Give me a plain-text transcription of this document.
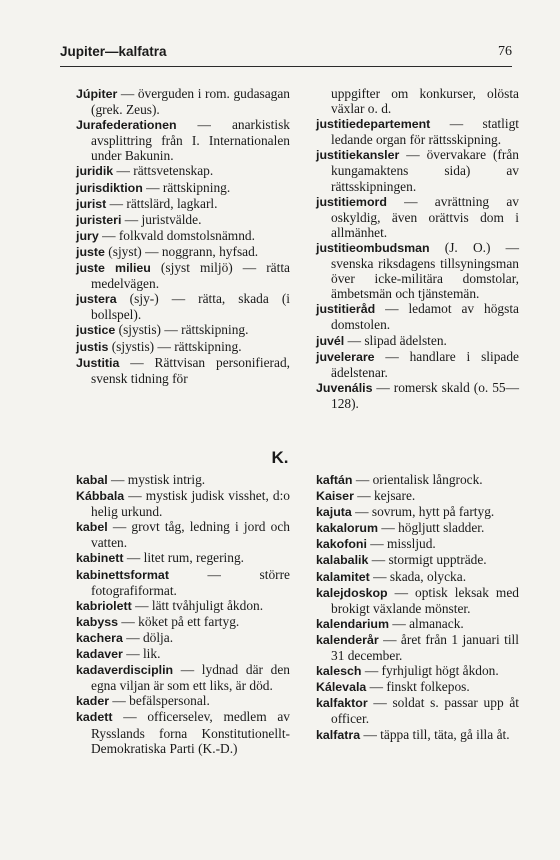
Jupiter—kalfatra	76

Júpiter — överguden i rom. gudasagan (grek. Zeus).

Jurafederationen — anarkistisk avsplittring från I. Internationalen under Bakunin.

juridik — rättsvetenskap.

jurisdiktion — rättskipning.

jurist — rättslärd, lagkarl.

juristeri — juristvälde.

jury — folkvald domstolsnämnd.

juste (sjyst) — noggrann, hyfsad.

juste milieu (sjyst miljö) — rätta medelvägen.

justera (sjy-) — rätta, skada (i bollspel).

justice (sjystis) — rättskipning.

justis (sjystis) — rättskipning.

Justitia — Rättvisan personifierad, svensk tidning för

uppgifter om konkurser, olösta växlar o. d.

justitiedepartement — statligt ledande organ för rättsskipning.

justitiekansler — övervakare (från kungamaktens sida) av rättsskipningen.

justitiemord — avrättning av oskyldig, även orättvis dom i allmänhet.

justitieombudsman (J. O.) — svenska riksdagens tillsyningsman över icke-militära domstolar, ämbetsmän och tjänstemän.

justitieråd — ledamot av högsta domstolen.

juvél — slipad ädelsten.

juvelerare — handlare i slipade ädelstenar.

Juvenális — romersk skald (o. 55—128).

K.

kabal — mystisk intrig.

Kábbala — mystisk judisk visshet, d:o helig urkund.

kabel — grovt tåg, ledning i jord och vatten.

kabinett — litet rum, regering.

kabinettsformat — större fotografiformat.

kabriolett — lätt tvåhjuligt åkdon.

kabyss — köket på ett fartyg.

kachera — dölja.

kadaver — lik.

kadaverdisciplin — lydnad där den egna viljan är som ett liks, är död.

kader — befälspersonal.

kadett — officerselev, medlem av Rysslands forna Konstitutionellt-Demokratiska Parti (K.-D.)

kaftán — orientalisk långrock.

Kaiser — kejsare.

kajuta — sovrum, hytt på fartyg.

kakalorum — högljutt sladder.

kakofoni — missljud.

kalabalik — stormigt uppträde.

kalamitet — skada, olycka.

kalejdoskop — optisk leksak med brokigt växlande mönster.

kalendarium — almanack.

kalenderår — året från 1 januari till 31 december.

kalesch — fyrhjuligt högt åkdon.

Kálevala — finskt folkepos.

kalfaktor — soldat s. passar upp åt officer.

kalfatra — täppa till, täta, gå illa åt.
